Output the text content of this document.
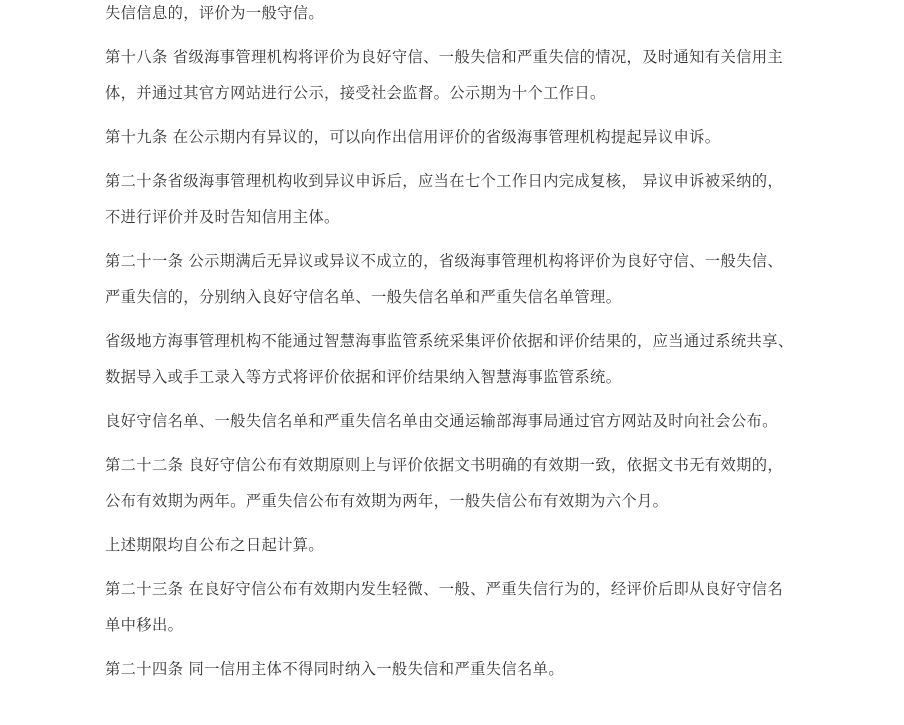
失信信息的，评价为一般守信。

第十八条 省级海事管理机构将评价为良好守信、一般失信和严重失信的情况，及时通知有关信用主体，并通过其官方网站进行公示，接受社会监督。公示期为十个工作日。

第十九条 在公示期内有异议的，可以向作出信用评价的省级海事管理机构提起异议申诉。

第二十条省级海事管理机构收到异议申诉后，应当在七个工作日内完成复核， 异议申诉被采纳的，不进行评价并及时告知信用主体。

第二十一条 公示期满后无异议或异议不成立的，省级海事管理机构将评价为良好守信、一般失信、严重失信的，分别纳入良好守信名单、一般失信名单和严重失信名单管理。

省级地方海事管理机构不能通过智慧海事监管系统采集评价依据和评价结果的，应当通过系统共享、数据导入或手工录入等方式将评价依据和评价结果纳入智慧海事监管系统。

良好守信名单、一般失信名单和严重失信名单由交通运输部海事局通过官方网站及时向社会公布。

第二十二条 良好守信公布有效期原则上与评价依据文书明确的有效期一致，依据文书无有效期的，公布有效期为两年。严重失信公布有效期为两年，一般失信公布有效期为六个月。

上述期限均自公布之日起计算。

第二十三条 在良好守信公布有效期内发生轻微、一般、严重失信行为的，经评价后即从良好守信名单中移出。

第二十四条 同一信用主体不得同时纳入一般失信和严重失信名单。
